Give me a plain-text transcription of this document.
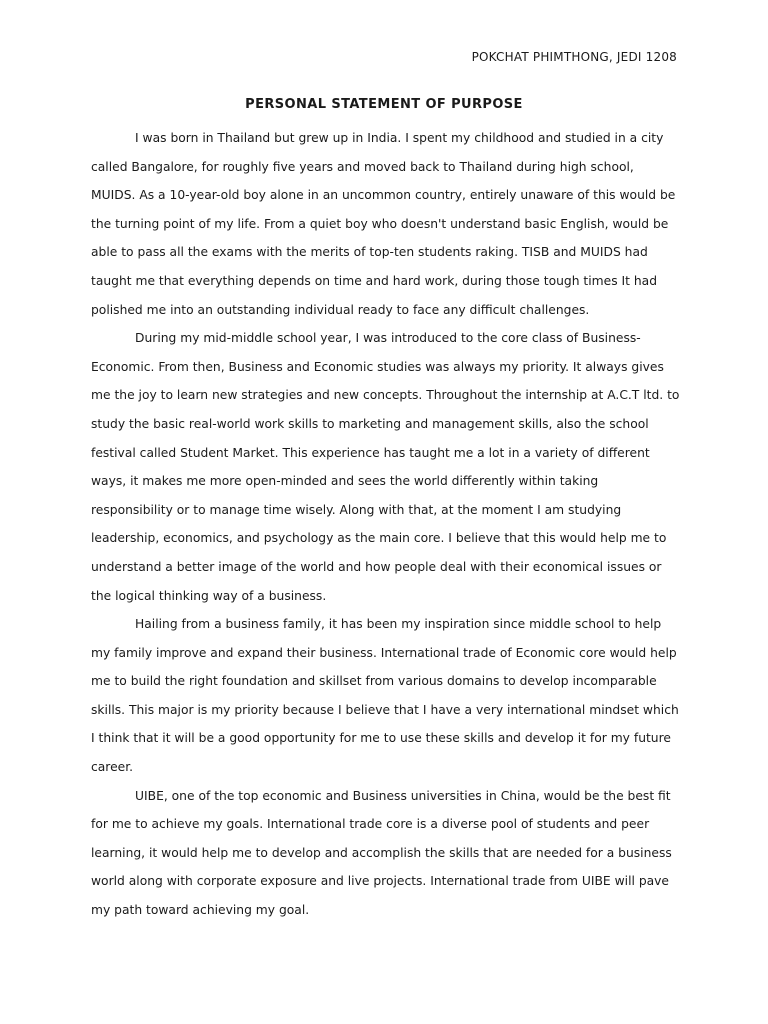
POKCHAT PHIMTHONG, JEDI 1208
PERSONAL STATEMENT OF PURPOSE

I was born in Thailand but grew up in India. I spent my childhood and studied in a city called Bangalore, for roughly five years and moved back to Thailand during high school, MUIDS. As a 10-year-old boy alone in an uncommon country, entirely unaware of this would be the turning point of my life. From a quiet boy who doesn't understand basic English, would be able to pass all the exams with the merits of top-ten students raking. TISB and MUIDS had taught me that everything depends on time and hard work, during those tough times It had polished me into an outstanding individual ready to face any difficult challenges.

During my mid-middle school year, I was introduced to the core class of Business-Economic. From then, Business and Economic studies was always my priority. It always gives me the joy to learn new strategies and new concepts. Throughout the internship at A.C.T ltd. to study the basic real-world work skills to marketing and management skills, also the school festival called Student Market. This experience has taught me a lot in a variety of different ways, it makes me more open-minded and sees the world differently within taking responsibility or to manage time wisely. Along with that, at the moment I am studying leadership, economics, and psychology as the main core. I believe that this would help me to understand a better image of the world and how people deal with their economical issues or the logical thinking way of a business.

Hailing from a business family, it has been my inspiration since middle school to help my family improve and expand their business. International trade of Economic core would help me to build the right foundation and skillset from various domains to develop incomparable skills. This major is my priority because I believe that I have a very international mindset which I think that it will be a good opportunity for me to use these skills and develop it for my future career.

UIBE, one of the top economic and Business universities in China, would be the best fit for me to achieve my goals. International trade core is a diverse pool of students and peer learning, it would help me to develop and accomplish the skills that are needed for a business world along with corporate exposure and live projects. International trade from UIBE will pave my path toward achieving my goal.
